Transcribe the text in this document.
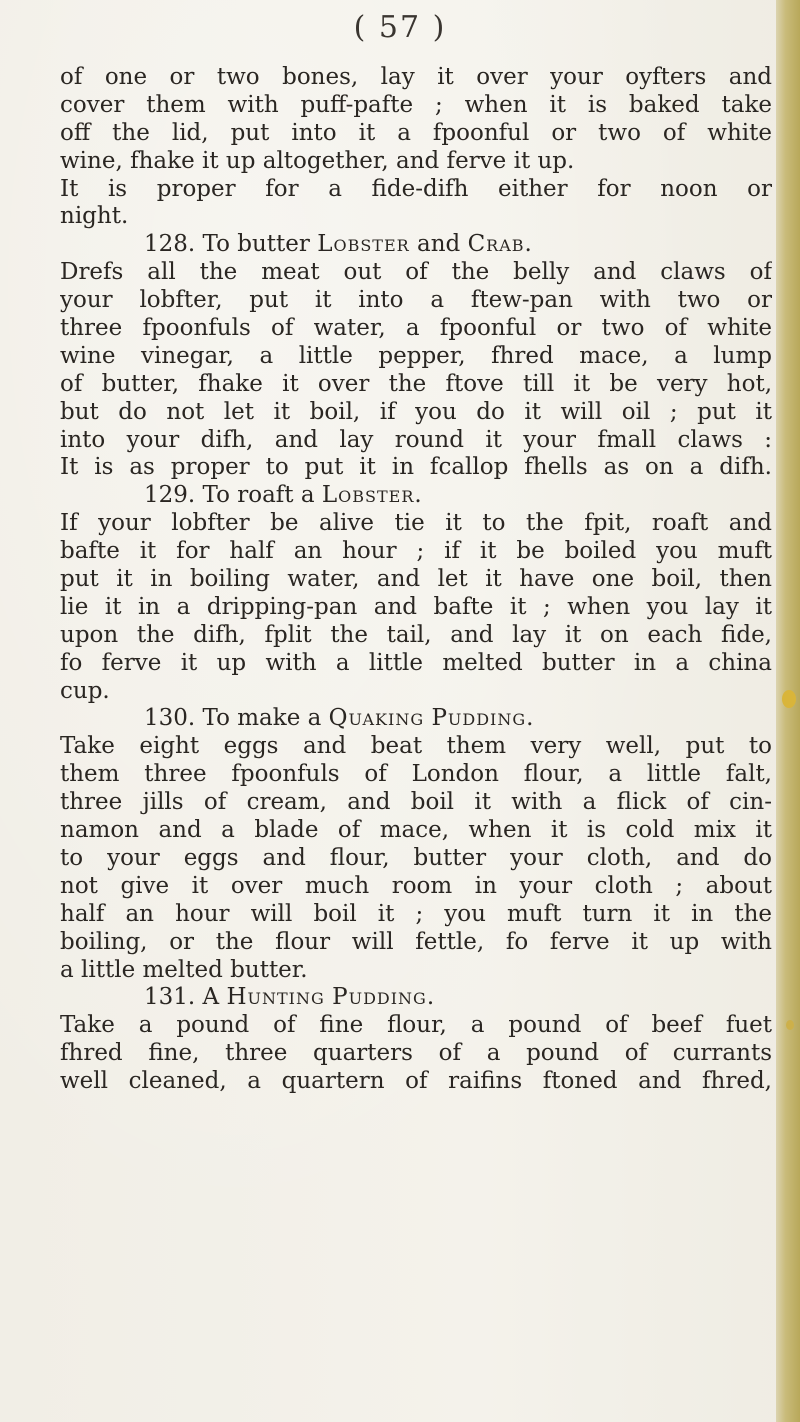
( 57 )
of one or two bones, lay it over your oyfters and
cover them with puff-pafte ; when it is baked take
off the lid, put into it a fpoonful or two of white
wine, fhake it up altogether, and ferve it up.
It is proper for a fide-difh either for noon or
night.
128. To butter Lobster and Crab.
Drefs all the meat out of the belly and claws of
your lobfter, put it into a ftew-pan with two or
three fpoonfuls of water, a fpoonful or two of white
wine vinegar, a little pepper, fhred mace, a lump
of butter, fhake it over the ftove till it be very hot,
but do not let it boil, if you do it will oil ; put it
into your difh, and lay round it your fmall claws :
It is as proper to put it in fcallop fhells as on a difh.
129. To roaft a Lobster.
If your lobfter be alive tie it to the fpit, roaft and
bafte it for half an hour ; if it be boiled you muft
put it in boiling water, and let it have one boil, then
lie it in a dripping-pan and bafte it ; when you lay it
upon the difh, fplit the tail, and lay it on each fide,
fo ferve it up with a little melted butter in a china
cup.
130. To make a Quaking Pudding.
Take eight eggs and beat them very well, put to
them three fpoonfuls of London flour, a little falt,
three jills of cream, and boil it with a flick of cin-
namon and a blade of mace, when it is cold mix it
to your eggs and flour, butter your cloth, and do
not give it over much room in your cloth ; about
half an hour will boil it ; you muft turn it in the
boiling, or the flour will fettle, fo ferve it up with
a little melted butter.
131. A Hunting Pudding.
Take a pound of fine flour, a pound of beef fuet
fhred fine, three quarters of a pound of currants
well cleaned, a quartern of raifins ftoned and fhred,
